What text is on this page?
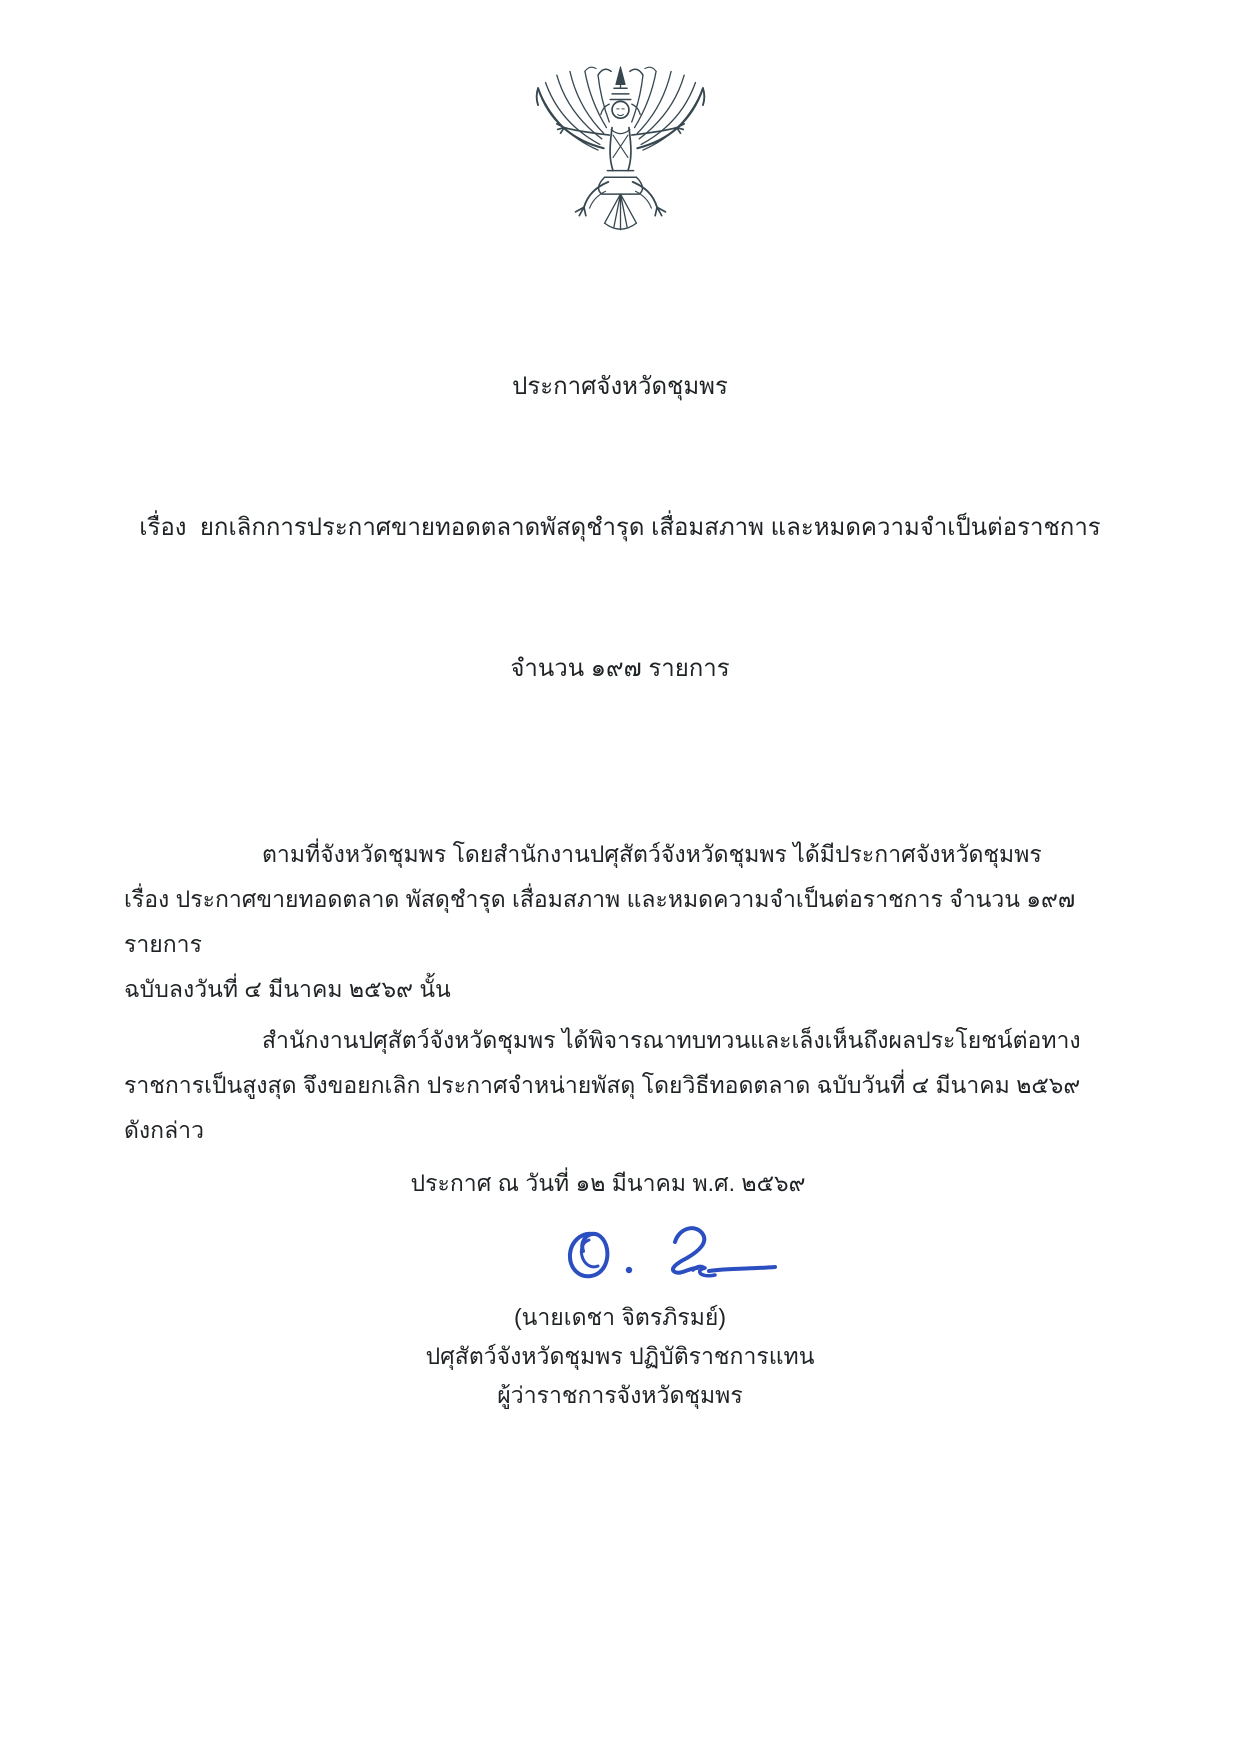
ประกาศจังหวัดชุมพร

เรื่อง  ยกเลิกการประกาศขายทอดตลาดพัสดุชำรุด เสื่อมสภาพ และหมดความจำเป็นต่อราชการ

จำนวน ๑๙๗ รายการ

ตามที่จังหวัดชุมพร โดยสำนักงานปศุสัตว์จังหวัดชุมพร ได้มีประกาศจังหวัดชุมพร
เรื่อง ประกาศขายทอดตลาด พัสดุชำรุด เสื่อมสภาพ และหมดความจำเป็นต่อราชการ จำนวน ๑๙๗ รายการ
ฉบับลงวันที่ ๔ มีนาคม ๒๕๖๙ นั้น
สำนักงานปศุสัตว์จังหวัดชุมพร ได้พิจารณาทบทวนและเล็งเห็นถึงผลประโยชน์ต่อทาง
ราชการเป็นสูงสุด จึงขอยกเลิก ประกาศจำหน่ายพัสดุ โดยวิธีทอดตลาด ฉบับวันที่ ๔ มีนาคม ๒๕๖๙
ดังกล่าว
ประกาศ ณ วันที่ ๑๒ มีนาคม พ.ศ. ๒๕๖๙
(นายเดชา จิตรภิรมย์)
ปศุสัตว์จังหวัดชุมพร ปฏิบัติราชการแทน
ผู้ว่าราชการจังหวัดชุมพร
